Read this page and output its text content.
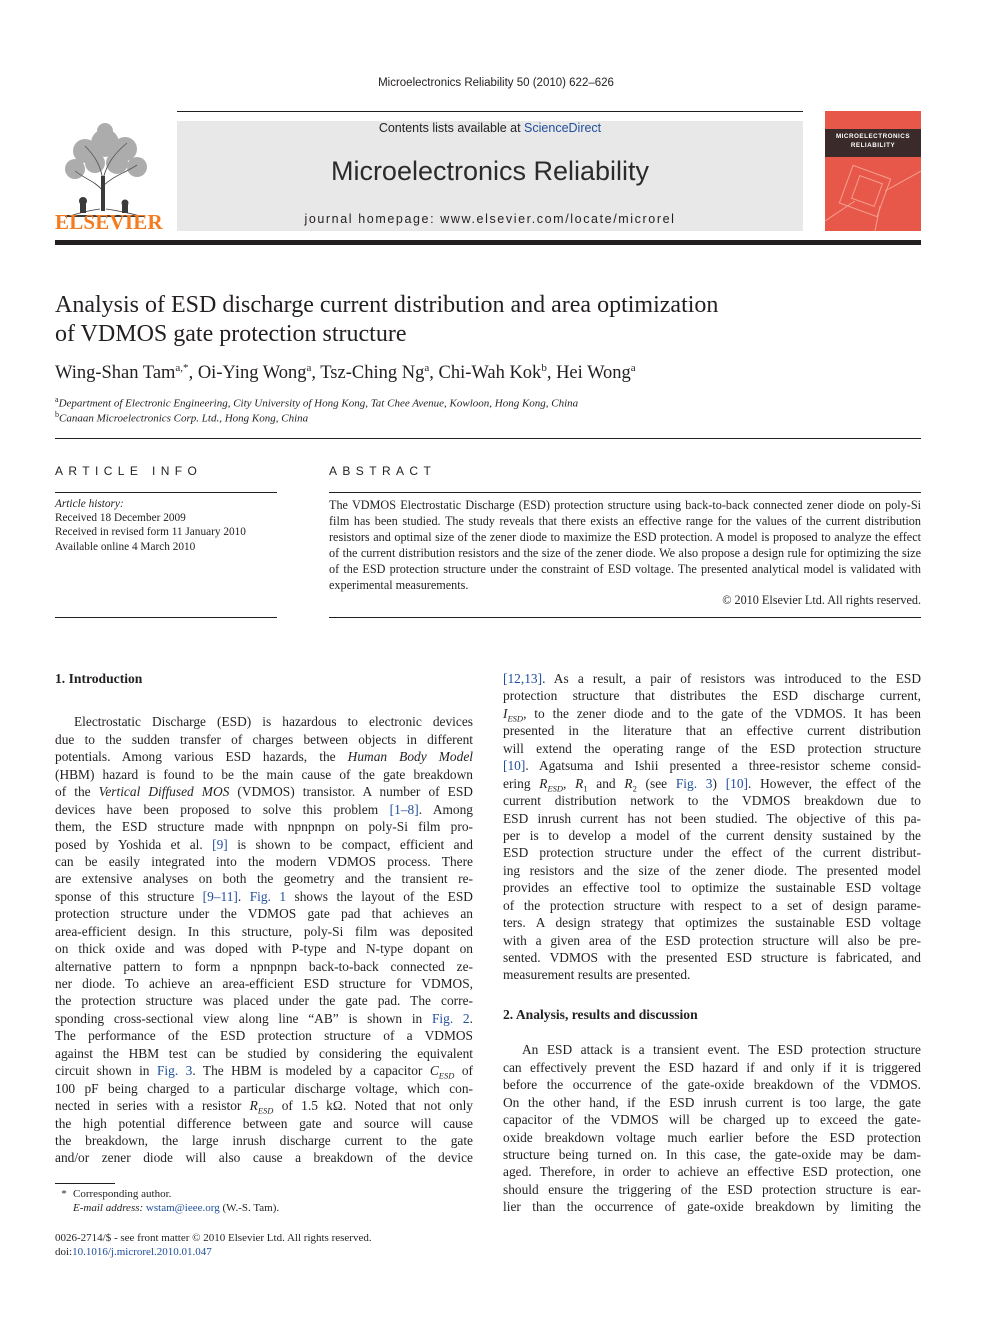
Microelectronics Reliability 50 (2010) 622–626
ELSEVIER
Contents lists available at ScienceDirect
Microelectronics Reliability
journal homepage: www.elsevier.com/locate/microrel
MICROELECTRONICS
RELIABILITY
Analysis of ESD discharge current distribution and area optimization
of VDMOS gate protection structure
Wing-Shan Tam$^{a,*}$, Oi-Ying Wong$^a$, Tsz-Ching Ng$^a$, Chi-Wah Kok$^b$, Hei Wong$^a$
$^a$Department of Electronic Engineering, City University of Hong Kong, Tat Chee Avenue, Kowloon, Hong Kong, China
$^b$Canaan Microelectronics Corp. Ltd., Hong Kong, China
ARTICLE INFO
Article history:
Received 18 December 2009
Received in revised form 11 January 2010
Available online 4 March 2010
ABSTRACT
The VDMOS Electrostatic Discharge (ESD) protection structure using back-to-back connected zener diode on poly-Si film has been studied. The study reveals that there exists an effective range for the values of the current distribution resistors and optimal size of the zener diode to maximize the ESD protection. A model is proposed to analyze the effect of the current distribution resistors and the size of the zener diode. We also propose a design rule for optimizing the size of the ESD protection structure under the constraint of ESD voltage. The presented analytical model is validated with experimental measurements.
© 2010 Elsevier Ltd. All rights reserved.
1. Introduction
Electrostatic Discharge (ESD) is hazardous to electronic devices
due to the sudden transfer of charges between objects in different
potentials. Among various ESD hazards, the Human Body Model
(HBM) hazard is found to be the main cause of the gate breakdown
of the Vertical Diffused MOS (VDMOS) transistor. A number of ESD
devices have been proposed to solve this problem [1–8]. Among
them, the ESD structure made with npnpnpn on poly-Si film pro-
posed by Yoshida et al. [9] is shown to be compact, efficient and
can be easily integrated into the modern VDMOS process. There
are extensive analyses on both the geometry and the transient re-
sponse of this structure [9–11]. Fig. 1 shows the layout of the ESD
protection structure under the VDMOS gate pad that achieves an
area-efficient design. In this structure, poly-Si film was deposited
on thick oxide and was doped with P-type and N-type dopant on
alternative pattern to form a npnpnpn back-to-back connected ze-
ner diode. To achieve an area-efficient ESD structure for VDMOS,
the protection structure was placed under the gate pad. The corre-
sponding cross-sectional view along line “AB” is shown in Fig. 2.
The performance of the ESD protection structure of a VDMOS
against the HBM test can be studied by considering the equivalent
circuit shown in Fig. 3. The HBM is modeled by a capacitor $C_{ESD}$ of
100 pF being charged to a particular discharge voltage, which con-
nected in series with a resistor $R_{ESD}$ of 1.5 kΩ. Noted that not only
the high potential difference between gate and source will cause
the breakdown, the large inrush discharge current to the gate
and/or zener diode will also cause a breakdown of the device
[12,13]. As a result, a pair of resistors was introduced to the ESD
protection structure that distributes the ESD discharge current,
$I_{ESD}$, to the zener diode and to the gate of the VDMOS. It has been
presented in the literature that an effective current distribution
will extend the operating range of the ESD protection structure
[10]. Agatsuma and Ishii presented a three-resistor scheme consid-
ering $R_{ESD}$, $R_1$ and $R_2$ (see Fig. 3) [10]. However, the effect of the
current distribution network to the VDMOS breakdown due to
ESD inrush current has not been studied. The objective of this pa-
per is to develop a model of the current density sustained by the
ESD protection structure under the effect of the current distribut-
ing resistors and the size of the zener diode. The presented model
provides an effective tool to optimize the sustainable ESD voltage
of the protection structure with respect to a set of design parame-
ters. A design strategy that optimizes the sustainable ESD voltage
with a given area of the ESD protection structure will also be pre-
sented. VDMOS with the presented ESD structure is fabricated, and
measurement results are presented.
2. Analysis, results and discussion
An ESD attack is a transient event. The ESD protection structure
can effectively prevent the ESD hazard if and only if it is triggered
before the occurrence of the gate-oxide breakdown of the VDMOS.
On the other hand, if the ESD inrush current is too large, the gate
capacitor of the VDMOS will be charged up to exceed the gate-
oxide breakdown voltage much earlier before the ESD protection
structure being turned on. In this case, the gate-oxide may be dam-
aged. Therefore, in order to achieve an effective ESD protection, one
should ensure the triggering of the ESD protection structure is ear-
lier than the occurrence of gate-oxide breakdown by limiting the
* Corresponding author.
E-mail address: wstam@ieee.org (W.-S. Tam).
0026-2714/$ - see front matter © 2010 Elsevier Ltd. All rights reserved.
doi:10.1016/j.microrel.2010.01.047
